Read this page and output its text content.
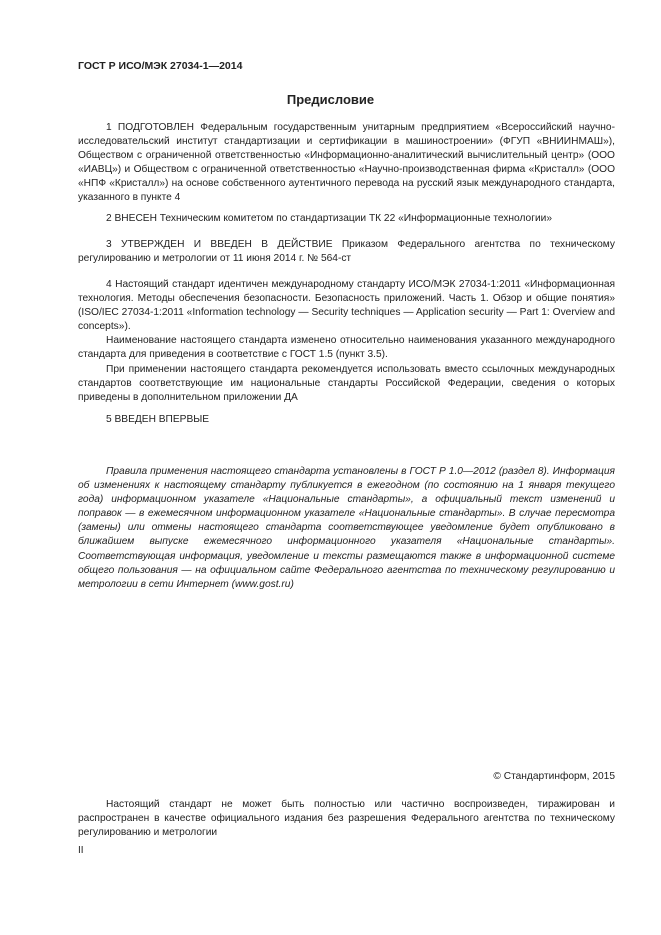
ГОСТ Р ИСО/МЭК 27034-1—2014
Предисловие

1 ПОДГОТОВЛЕН Федеральным государственным унитарным предприятием «Всероссийский научно-исследовательский институт стандартизации и сертификации в машиностроении» (ФГУП «ВНИИНМАШ»), Обществом с ограниченной ответственностью «Информационно-аналитический вычислительный центр» (ООО «ИАВЦ») и Обществом с ограниченной ответственностью «Научно-производственная фирма «Кристалл» (ООО «НПФ «Кристалл») на основе собственного аутентичного перевода на русский язык международного стандарта, указанного в пункте 4

2 ВНЕСЕН Техническим комитетом по стандартизации ТК 22 «Информационные технологии»

3 УТВЕРЖДЕН И ВВЕДЕН В ДЕЙСТВИЕ Приказом Федерального агентства по техническому регулированию и метрологии от 11 июня 2014 г. № 564-ст

4 Настоящий стандарт идентичен международному стандарту ИСО/МЭК 27034-1:2011 «Информационная технология. Методы обеспечения безопасности. Безопасность приложений. Часть 1. Обзор и общие понятия» (ISO/IEC 27034-1:2011 «Information technology — Security techniques — Application security — Part 1: Overview and concepts»).

Наименование настоящего стандарта изменено относительно наименования указанного международного стандарта для приведения в соответствие с ГОСТ 1.5 (пункт 3.5).

При применении настоящего стандарта рекомендуется использовать вместо ссылочных международных стандартов соответствующие им национальные стандарты Российской Федерации, сведения о которых приведены в дополнительном приложении ДА

5 ВВЕДЕН ВПЕРВЫЕ

Правила применения настоящего стандарта установлены в ГОСТ Р 1.0—2012 (раздел 8). Информация об изменениях к настоящему стандарту публикуется в ежегодном (по состоянию на 1 января текущего года) информационном указателе «Национальные стандарты», а официальный текст изменений и поправок — в ежемесячном информационном указателе «Национальные стандарты». В случае пересмотра (замены) или отмены настоящего стандарта соответствующее уведомление будет опубликовано в ближайшем выпуске ежемесячного информационного указателя «Национальные стандарты». Соответствующая информация, уведомление и тексты размещаются также в информационной системе общего пользования — на официальном сайте Федерального агентства по техническому регулированию и метрологии в сети Интернет (www.gost.ru)

© Стандартинформ, 2015

Настоящий стандарт не может быть полностью или частично воспроизведен, тиражирован и распространен в качестве официального издания без разрешения Федерального агентства по техническому регулированию и метрологии

II
